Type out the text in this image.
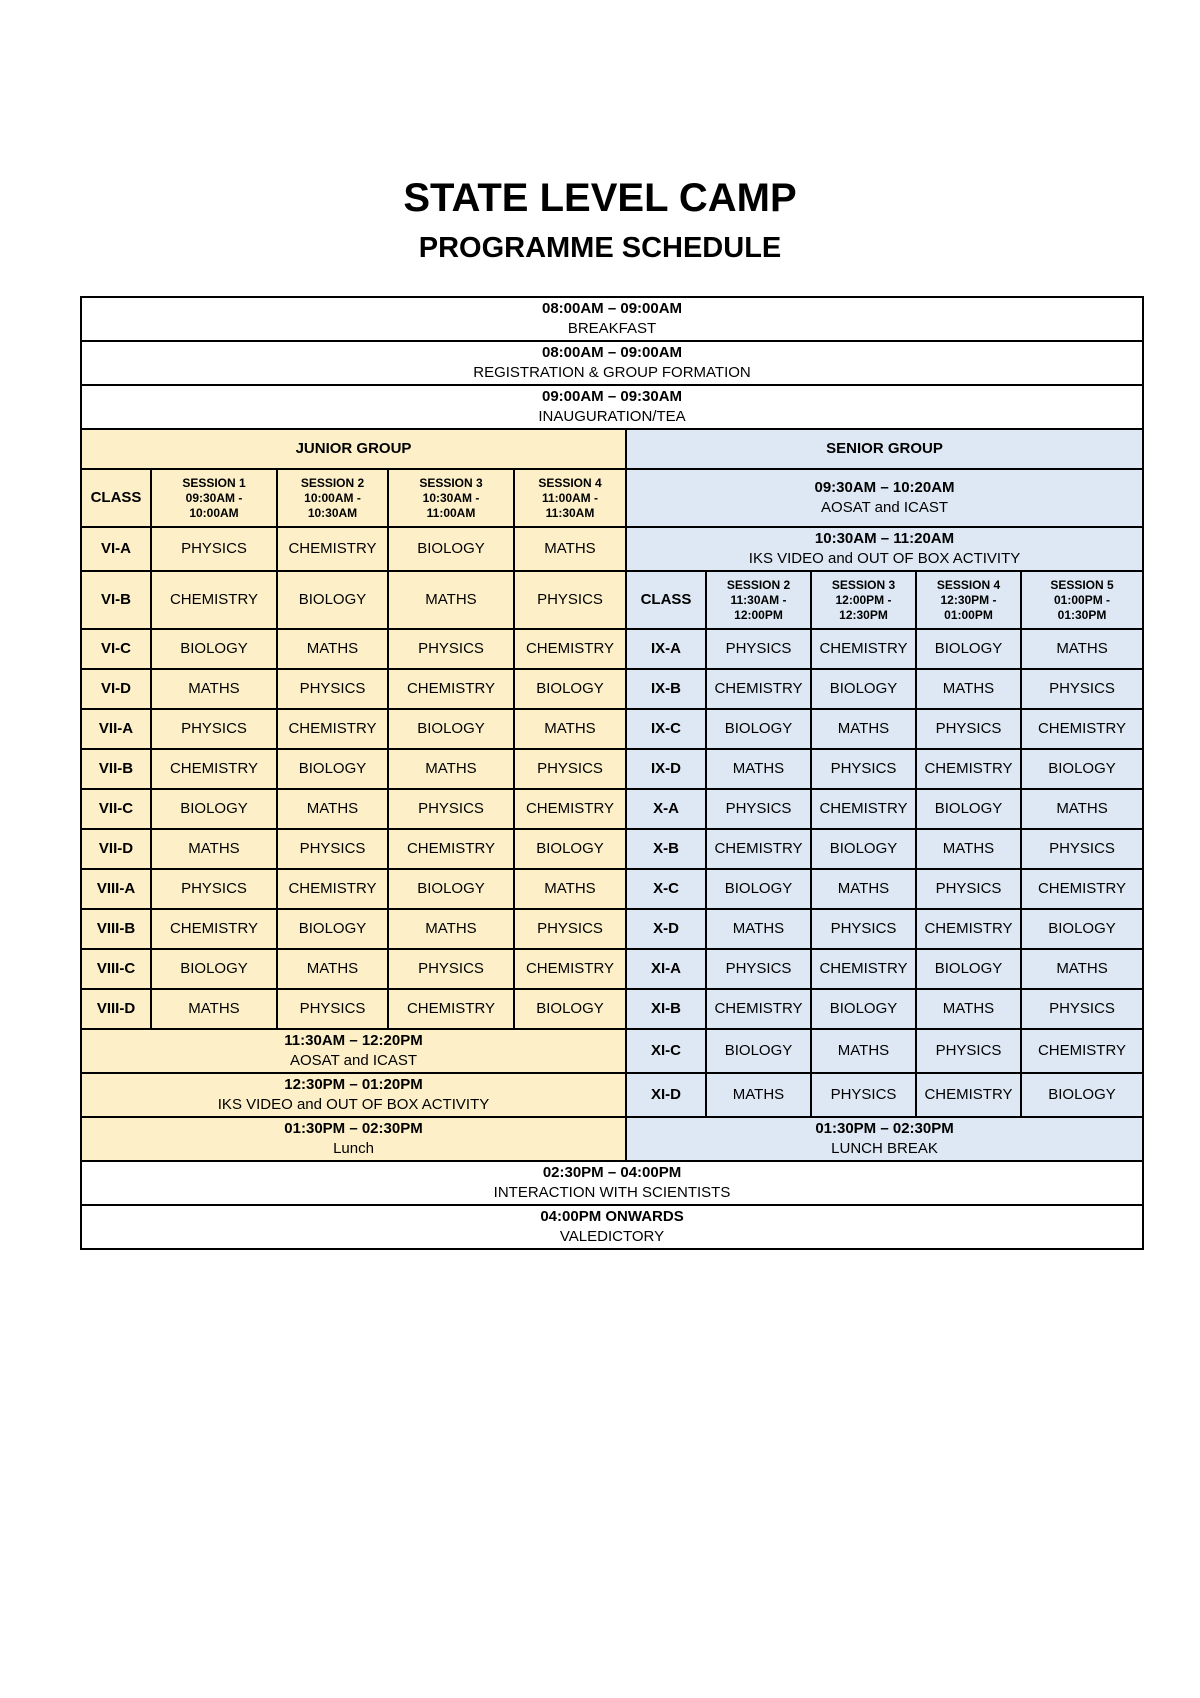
STATE LEVEL CAMP
PROGRAMME SCHEDULE
08:00AM – 09:00AM
BREAKFAST									

08:00AM – 09:00AM
REGISTRATION & GROUP FORMATION									

09:00AM – 09:30AM
INAUGURATION/TEA									

JUNIOR GROUP					SENIOR GROUP				

CLASS	SESSION 1
09:30AM -
10:00AM	SESSION 2
10:00AM -
10:30AM	SESSION 3
10:30AM -
11:00AM	SESSION 4
11:00AM -
11:30AM	09:30AM – 10:20AM
AOSAT and ICAST				

VI-A	PHYSICS	CHEMISTRY	BIOLOGY	MATHS	10:30AM – 11:20AM
IKS VIDEO and OUT OF BOX ACTIVITY				

VI-B	CHEMISTRY	BIOLOGY	MATHS	PHYSICS	CLASS	SESSION 2
11:30AM -
12:00PM	SESSION 3
12:00PM -
12:30PM	SESSION 4
12:30PM -
01:00PM	SESSION 5
01:00PM -
01:30PM

VI-C	BIOLOGY	MATHS	PHYSICS	CHEMISTRY	IX-A	PHYSICS	CHEMISTRY	BIOLOGY	MATHS

VI-D	MATHS	PHYSICS	CHEMISTRY	BIOLOGY	IX-B	CHEMISTRY	BIOLOGY	MATHS	PHYSICS

VII-A	PHYSICS	CHEMISTRY	BIOLOGY	MATHS	IX-C	BIOLOGY	MATHS	PHYSICS	CHEMISTRY

VII-B	CHEMISTRY	BIOLOGY	MATHS	PHYSICS	IX-D	MATHS	PHYSICS	CHEMISTRY	BIOLOGY

VII-C	BIOLOGY	MATHS	PHYSICS	CHEMISTRY	X-A	PHYSICS	CHEMISTRY	BIOLOGY	MATHS

VII-D	MATHS	PHYSICS	CHEMISTRY	BIOLOGY	X-B	CHEMISTRY	BIOLOGY	MATHS	PHYSICS

VIII-A	PHYSICS	CHEMISTRY	BIOLOGY	MATHS	X-C	BIOLOGY	MATHS	PHYSICS	CHEMISTRY

VIII-B	CHEMISTRY	BIOLOGY	MATHS	PHYSICS	X-D	MATHS	PHYSICS	CHEMISTRY	BIOLOGY

VIII-C	BIOLOGY	MATHS	PHYSICS	CHEMISTRY	XI-A	PHYSICS	CHEMISTRY	BIOLOGY	MATHS

VIII-D	MATHS	PHYSICS	CHEMISTRY	BIOLOGY	XI-B	CHEMISTRY	BIOLOGY	MATHS	PHYSICS

11:30AM – 12:20PM
AOSAT and ICAST					XI-C	BIOLOGY	MATHS	PHYSICS	CHEMISTRY

12:30PM – 01:20PM
IKS VIDEO and OUT OF BOX ACTIVITY					XI-D	MATHS	PHYSICS	CHEMISTRY	BIOLOGY

01:30PM – 02:30PM
Lunch					01:30PM – 02:30PM
LUNCH BREAK				

02:30PM – 04:00PM
INTERACTION WITH SCIENTISTS									

04:00PM ONWARDS
VALEDICTORY									
